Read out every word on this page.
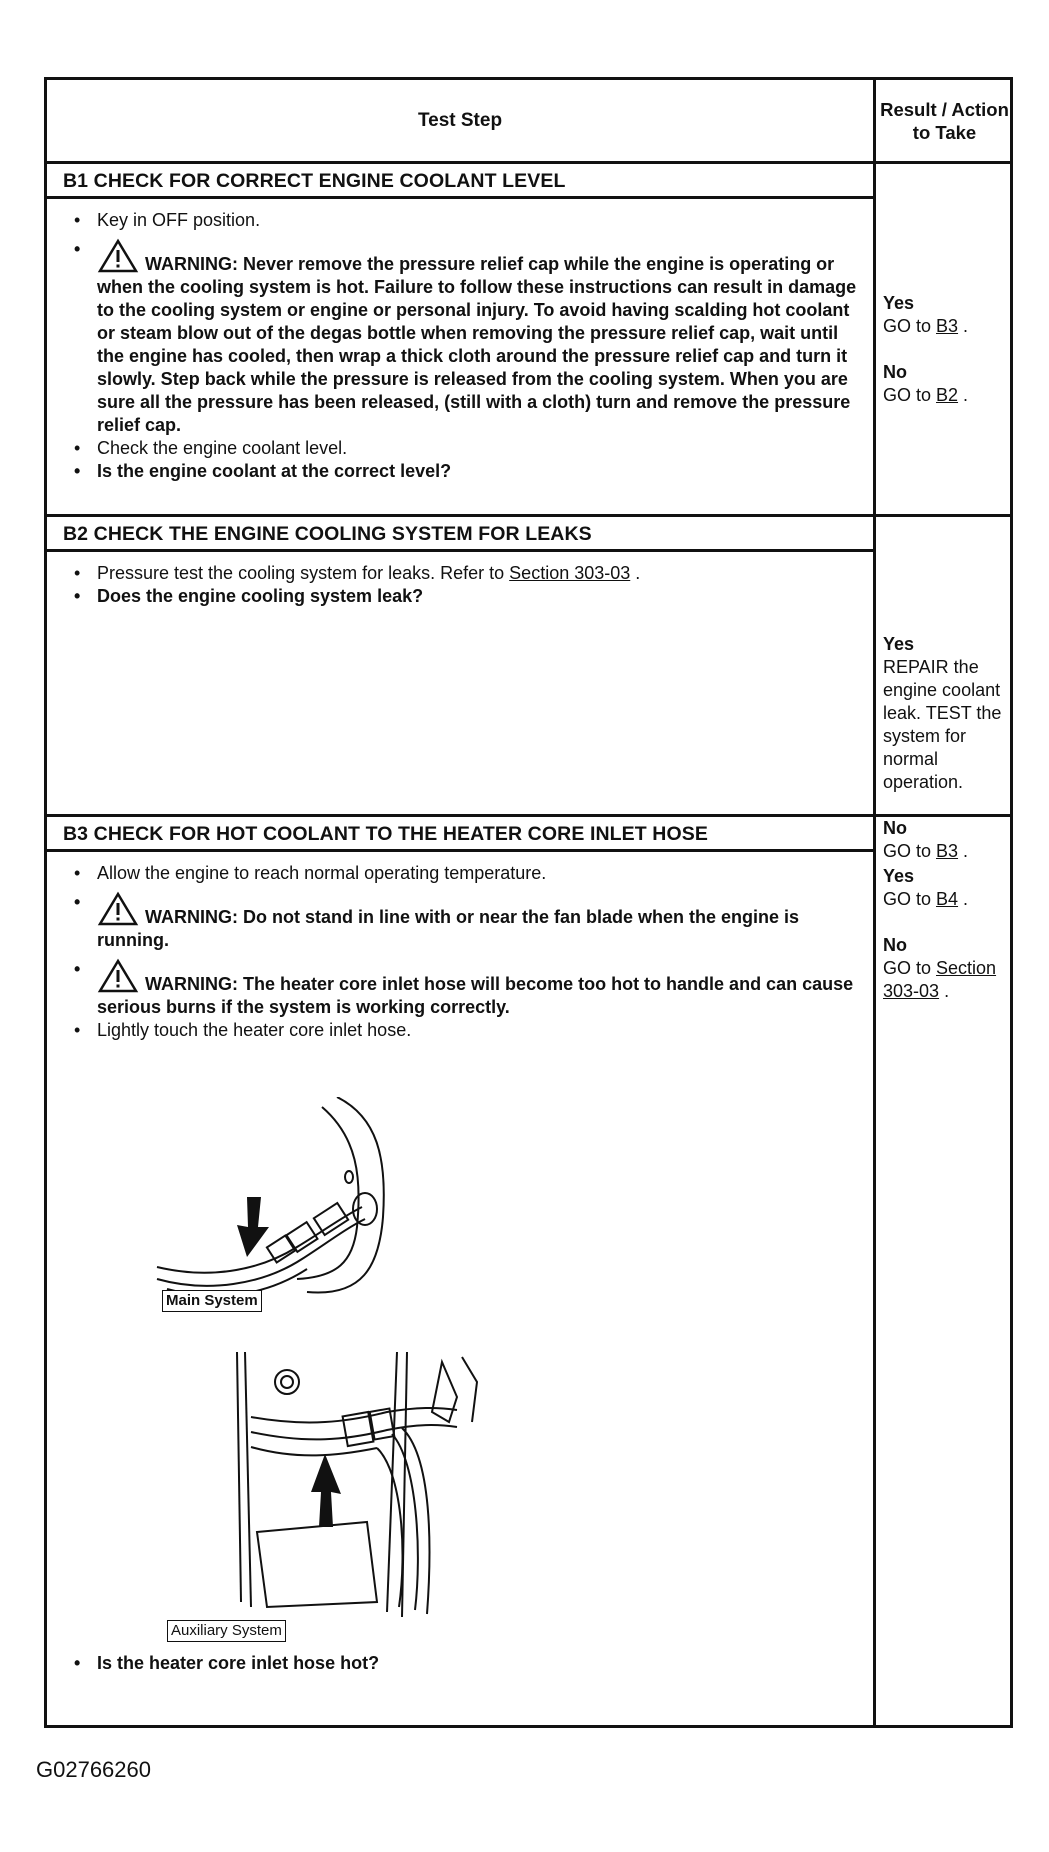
Test Step
Result / Action to Take
B1 CHECK FOR CORRECT ENGINE COOLANT LEVEL
• Key in OFF position.
• WARNING: Never remove the pressure relief cap while the engine is operating or when the cooling system is hot. Failure to follow these instructions can result in damage to the cooling system or engine or personal injury. To avoid having scalding hot coolant or steam blow out of the degas bottle when removing the pressure relief cap, wait until the engine has cooled, then wrap a thick cloth around the pressure relief cap and turn it slowly. Step back while the pressure is released from the cooling system. When you are sure all the pressure has been released, (still with a cloth) turn and remove the pressure relief cap.
• Check the engine coolant level.
• Is the engine coolant at the correct level?
Yes
GO to B3 .
No
GO to B2 .
B2 CHECK THE ENGINE COOLING SYSTEM FOR LEAKS
• Pressure test the cooling system for leaks. Refer to Section 303-03 .
• Does the engine cooling system leak?
Yes
REPAIR the engine coolant leak. TEST the system for normal operation.
No
GO to B3 .
B3 CHECK FOR HOT COOLANT TO THE HEATER CORE INLET HOSE
• Allow the engine to reach normal operating temperature.
• WARNING: Do not stand in line with or near the fan blade when the engine is running.
• WARNING: The heater core inlet hose will become too hot to handle and can cause serious burns if the system is working correctly.
• Lightly touch the heater core inlet hose.
Main System
Auxiliary System
• Is the heater core inlet hose hot?
Yes
GO to B4 .
No
GO to Section 303-03 .
G02766260
